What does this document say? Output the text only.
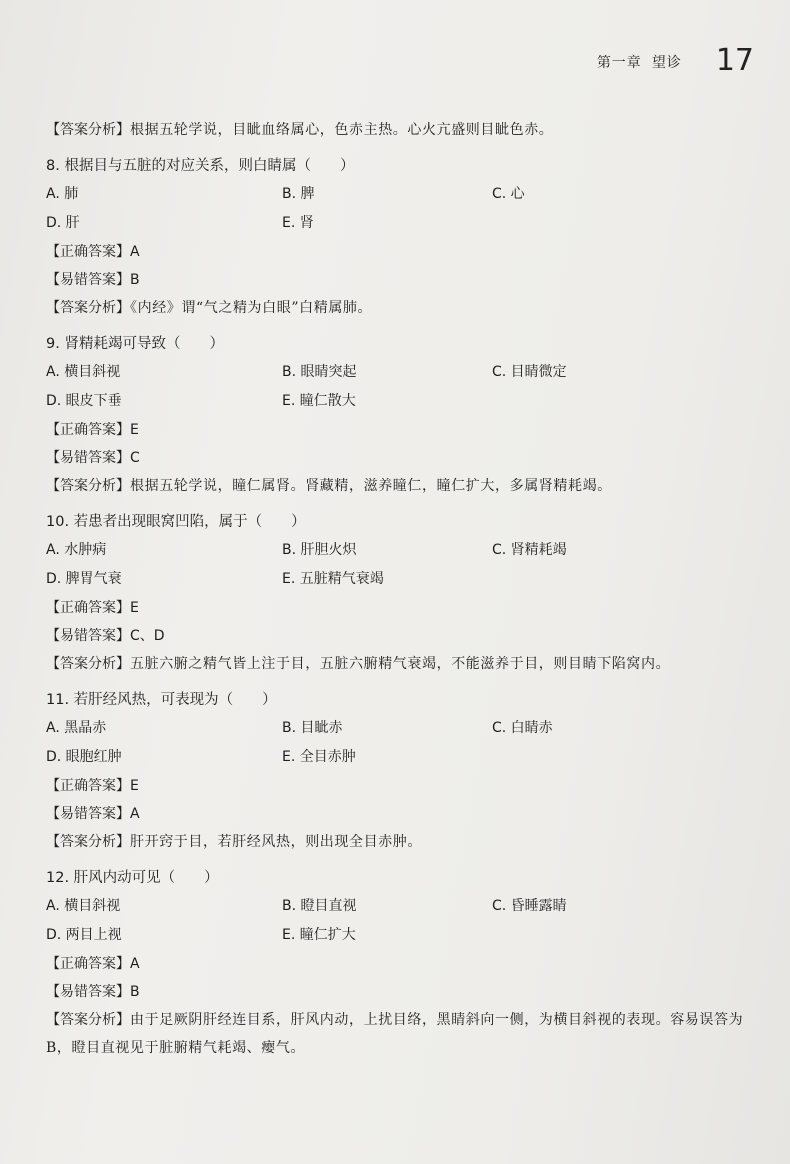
第一章 望诊	17
【答案分析】根据五轮学说，目眦血络属心，色赤主热。心火亢盛则目眦色赤。
8. 根据目与五脏的对应关系，则白睛属（　　）
A. 肺	B. 脾	C. 心
D. 肝	E. 肾
【正确答案】A
【易错答案】B
【答案分析】《内经》谓“气之精为白眼”白精属肺。
9. 肾精耗竭可导致（　　）
A. 横目斜视	B. 眼睛突起	C. 目睛微定
D. 眼皮下垂	E. 瞳仁散大
【正确答案】E
【易错答案】C
【答案分析】根据五轮学说，瞳仁属肾。肾藏精，滋养瞳仁，瞳仁扩大，多属肾精耗竭。
10. 若患者出现眼窝凹陷，属于（　　）
A. 水肿病	B. 肝胆火炽	C. 肾精耗竭
D. 脾胃气衰	E. 五脏精气衰竭
【正确答案】E
【易错答案】C、D
【答案分析】五脏六腑之精气皆上注于目，五脏六腑精气衰竭，不能滋养于目，则目睛下陷窝内。
11. 若肝经风热，可表现为（　　）
A. 黑晶赤	B. 目眦赤	C. 白睛赤
D. 眼胞红肿	E. 全目赤肿
【正确答案】E
【易错答案】A
【答案分析】肝开窍于目，若肝经风热，则出现全目赤肿。
12. 肝风内动可见（　　）
A. 横目斜视	B. 瞪目直视	C. 昏睡露睛
D. 两目上视	E. 瞳仁扩大
【正确答案】A
【易错答案】B
【答案分析】由于足厥阴肝经连目系，肝风内动，上扰目络，黑睛斜向一侧，为横目斜视的表现。容易误答为B，瞪目直视见于脏腑精气耗竭、瘿气。
